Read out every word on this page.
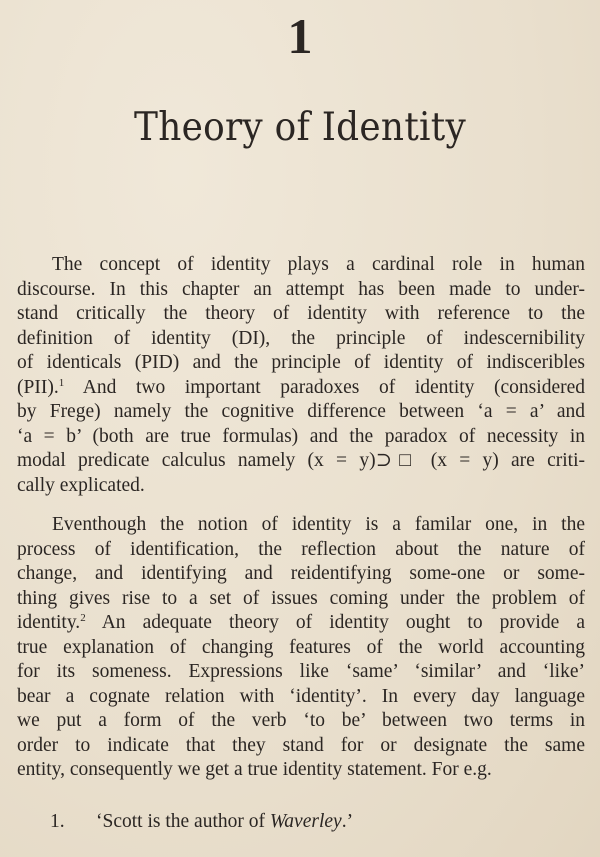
1
Theory of Identity
The concept of identity plays a cardinal role in human
discourse. In this chapter an attempt has been made to under-
stand critically the theory of identity with reference to the
definition of identity (DI), the principle of indescernibility
of identicals (PID) and the principle of identity of indisceribles
(PII).$^1$ And two important paradoxes of identity (considered
by Frege) namely the cognitive difference between ‘a = a’ and
‘a = b’ (both are true formulas) and the paradox of necessity in
modal predicate calculus namely (x = y)⊃□ (x = y) are criti-
cally explicated.
Eventhough the notion of identity is a familar one, in the
process of identification, the reflection about the nature of
change, and identifying and reidentifying some-one or some-
thing gives rise to a set of issues coming under the problem of
identity.$^2$ An adequate theory of identity ought to provide a
true explanation of changing features of the world accounting
for its someness. Expressions like ‘same’ ‘similar’ and ‘like’
bear a cognate relation with ‘identity’. In every day language
we put a form of the verb ‘to be’ between two terms in
order to indicate that they stand for or designate the same
entity, consequently we get a true identity statement. For e.g.
1. ‘Scott is the author of Waverley.’
